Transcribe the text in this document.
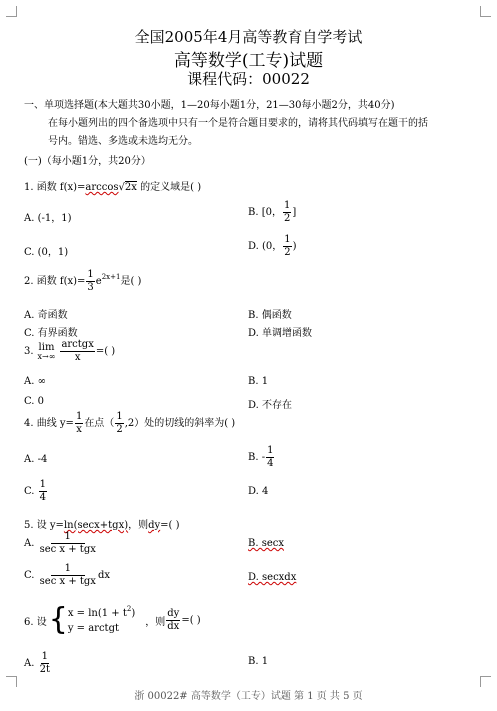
全国2005年4月高等教育自学考试
高等数学(工专)试题
课程代码：00022
一、单项选择题(本大题共30小题，1—20每小题1分，21—30每小题2分，共40分)
在每小题列出的四个备选项中只有一个是符合题目要求的，请将其代码填写在题干的括
号内。错选、多选或未选均无分。
(一)（每小题1分，共20分）
1. 函数 f(x)=arccos√2x 的定义域是( )
A. (-1，1)
B. [0， $\frac{1}{2}$ ]
C. (0，1)
D. (0， $\frac{1}{2}$ )
2. 函数 $f(x)= \frac{1}{3} e^{2x+1}$是( )
A. 奇函数	B. 偶函数
C. 有界函数	D. 单调增函数
3. lim
$x\to\infty \frac{\text{arctgx}}{x}$ =( )
A. ∞	B. 1
C. 0	D. 不存在
4. 曲线 $y= \frac{1}{x}$ 在点（ $\frac{1}{2} ,2$）处的切线的斜率为( )
A. -4	B. - $\frac{1}{4}$
C. $\frac{1}{4}$	D. 4
5. 设 y=ln(secx+tgx)，则dy=( )
A. $\frac{1}{\text{sec x + tgx}}$	B. secx
C. $\frac{1}{\text{sec x + tgx}}$ dx	D. secxdx
6. 设 { $x = \ln(1 + t^2)$
y = arctgt
，则 $\frac{dy}{dx}$ =( )
A. $\frac{1}{2t}$	B. 1
浙 00022# 高等数学（工专）试题 第 1 页 共 5 页
